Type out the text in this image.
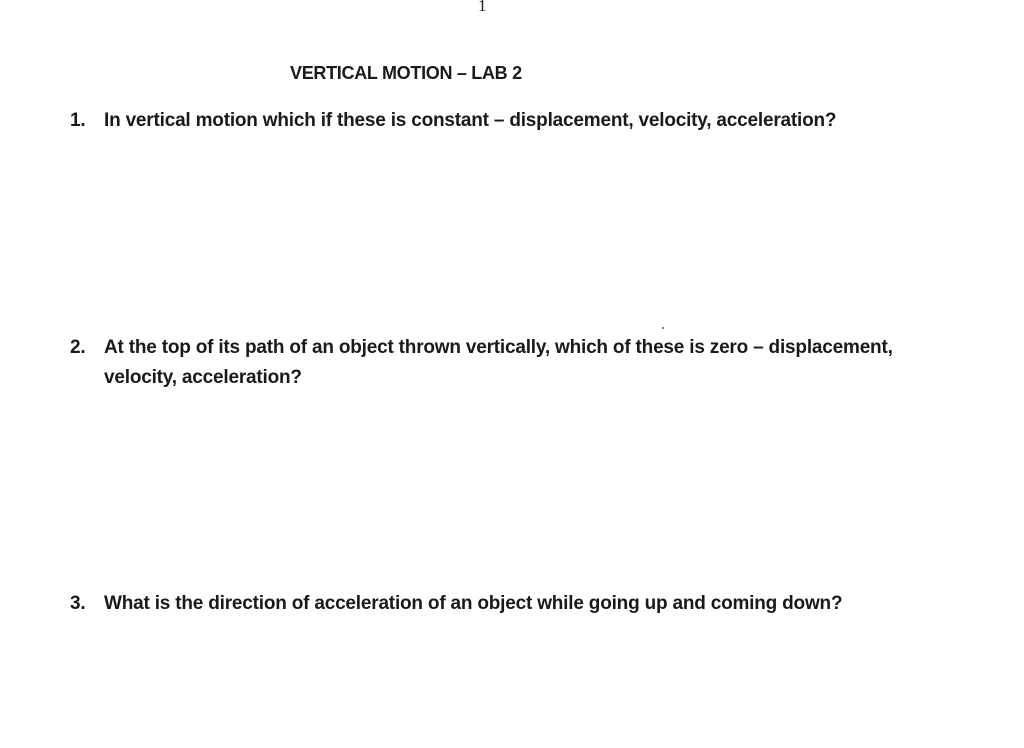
1
VERTICAL MOTION – LAB 2
1. In vertical motion which if these is constant – displacement, velocity, acceleration?
2. At the top of its path of an object thrown vertically, which of these is zero – displacement, velocity, acceleration?
3. What is the direction of acceleration of an object while going up and coming down?
